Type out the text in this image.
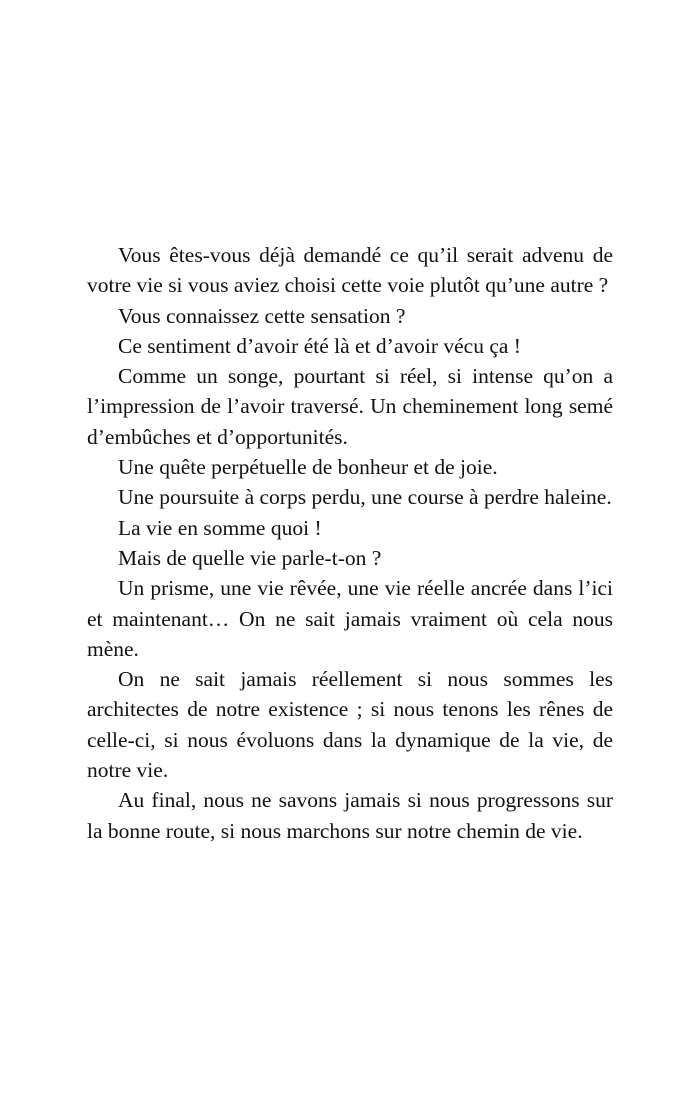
Vous êtes-vous déjà demandé ce qu’il serait advenu de votre vie si vous aviez choisi cette voie plutôt qu’une autre ?

Vous connaissez cette sensation ?

Ce sentiment d’avoir été là et d’avoir vécu ça !

Comme un songe, pourtant si réel, si intense qu’on a l’impression de l’avoir traversé. Un cheminement long semé d’embûches et d’opportunités.

Une quête perpétuelle de bonheur et de joie.

Une poursuite à corps perdu, une course à perdre haleine.

La vie en somme quoi !

Mais de quelle vie parle-t-on ?

Un prisme, une vie rêvée, une vie réelle ancrée dans l’ici et maintenant… On ne sait jamais vraiment où cela nous mène.

On ne sait jamais réellement si nous sommes les architectes de notre existence ; si nous tenons les rênes de celle-ci, si nous évoluons dans la dynamique de la vie, de notre vie.

Au final, nous ne savons jamais si nous progressons sur la bonne route, si nous marchons sur notre chemin de vie.
